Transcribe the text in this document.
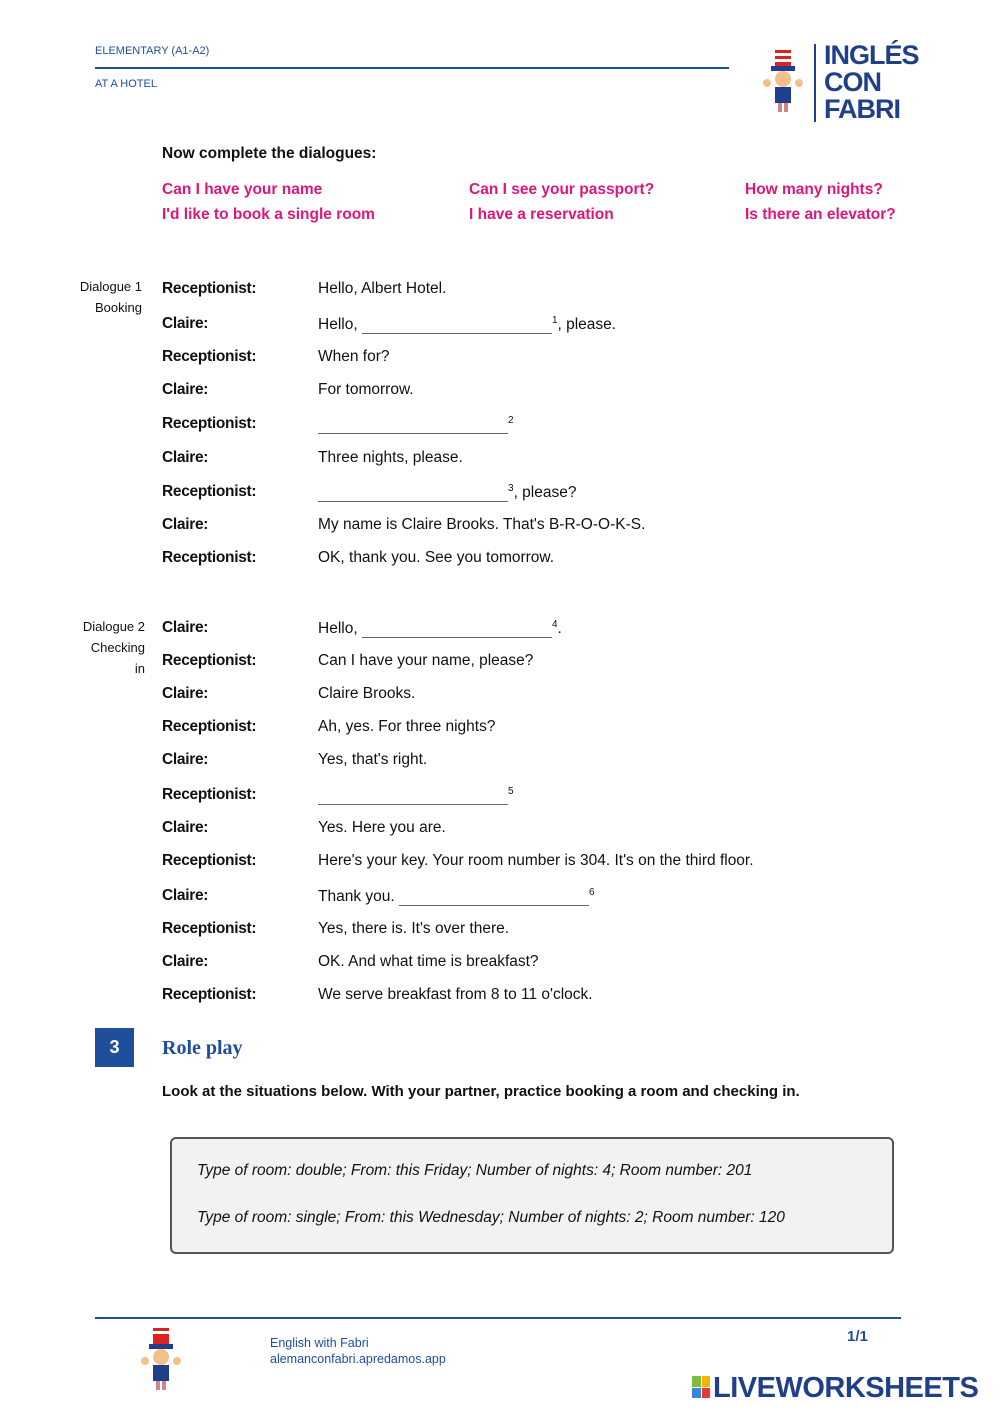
ELEMENTARY (A1-A2)
AT A HOTEL
INGLÉS
CON
FABRI
Now complete the dialogues:
Can I have your name	Can I see your passport?	How many nights?
I'd like to book a single room	I have a reservation	Is there an elevator?
Dialogue 1
Booking
Dialogue 2
Checking
in
Receptionist:	Hello, Albert Hotel.
Claire:	Hello,	$^1$, please.
Receptionist:	When for?
Claire:	For tomorrow.
Receptionist:	$^2$
Claire:	Three nights, please.
Receptionist:	$^3$, please?
Claire:	My name is Claire Brooks. That's B-R-O-O-K-S.
Receptionist:	OK, thank you. See you tomorrow.
Claire:	Hello,	$^4$.
Receptionist:	Can I have your name, please?
Claire:	Claire Brooks.
Receptionist:	Ah, yes. For three nights?
Claire:	Yes, that's right.
Receptionist:	$^5$
Claire:	Yes. Here you are.
Receptionist:	Here's your key. Your room number is 304. It's on the third floor.
Claire:	Thank you.	$^6$
Receptionist:	Yes, there is. It's over there.
Claire:	OK. And what time is breakfast?
Receptionist:	We serve breakfast from 8 to 11 o'clock.
3	Role play
Look at the situations below. With your partner, practice booking a room and checking in.

Type of room: double; From: this Friday; Number of nights: 4; Room number: 201

Type of room: single; From: this Wednesday; Number of nights: 2; Room number: 120

English with Fabri
alemanconfabri.apredamos.app
1/1
LIVEWORKSHEETS
